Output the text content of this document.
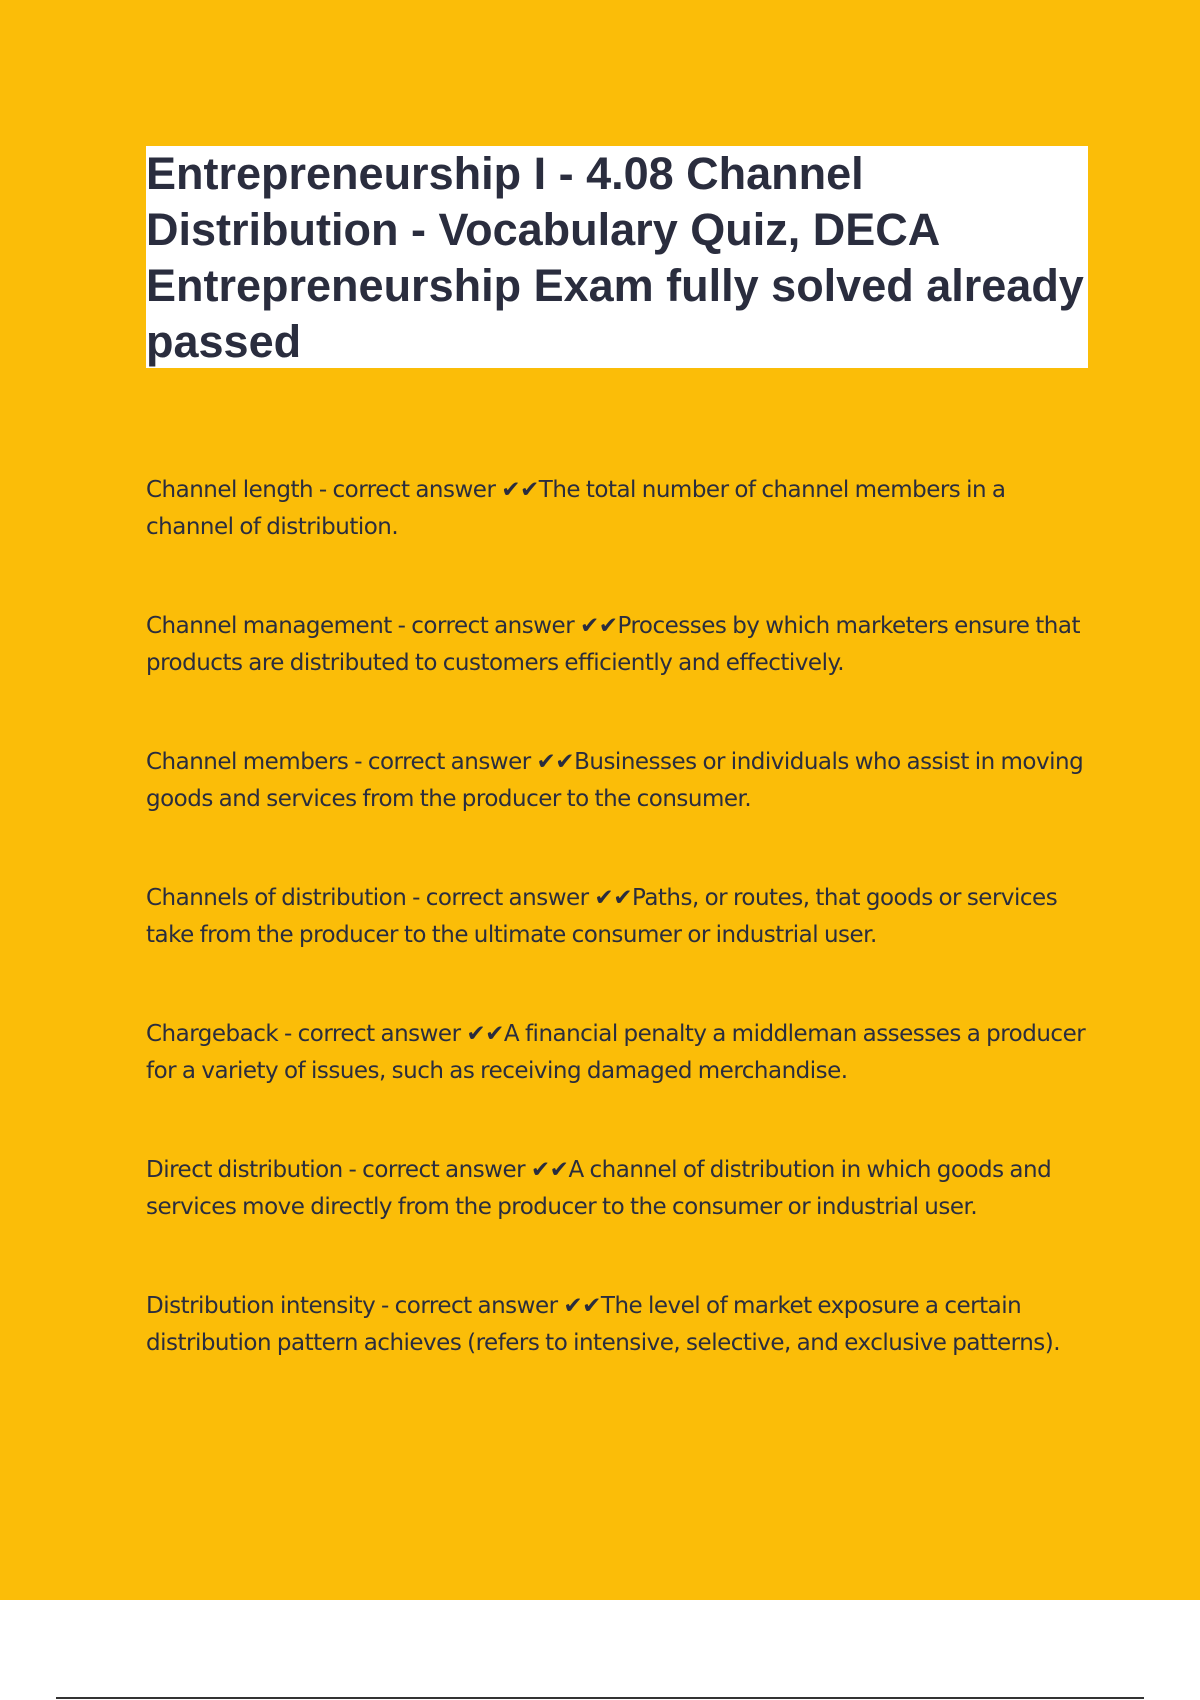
Entrepreneurship I - 4.08 Channel Distribution - Vocabulary Quiz, DECA Entrepreneurship Exam fully solved already passed

Channel length - correct answer ✔✔The total number of channel members in a channel of distribution.

Channel management - correct answer ✔✔Processes by which marketers ensure that products are distributed to customers efficiently and effectively.

Channel members - correct answer ✔✔Businesses or individuals who assist in moving goods and services from the producer to the consumer.

Channels of distribution - correct answer ✔✔Paths, or routes, that goods or services take from the producer to the ultimate consumer or industrial user.

Chargeback - correct answer ✔✔A financial penalty a middleman assesses a producer for a variety of issues, such as receiving damaged merchandise.

Direct distribution - correct answer ✔✔A channel of distribution in which goods and services move directly from the producer to the consumer or industrial user.

Distribution intensity - correct answer ✔✔The level of market exposure a certain distribution pattern achieves (refers to intensive, selective, and exclusive patterns).
